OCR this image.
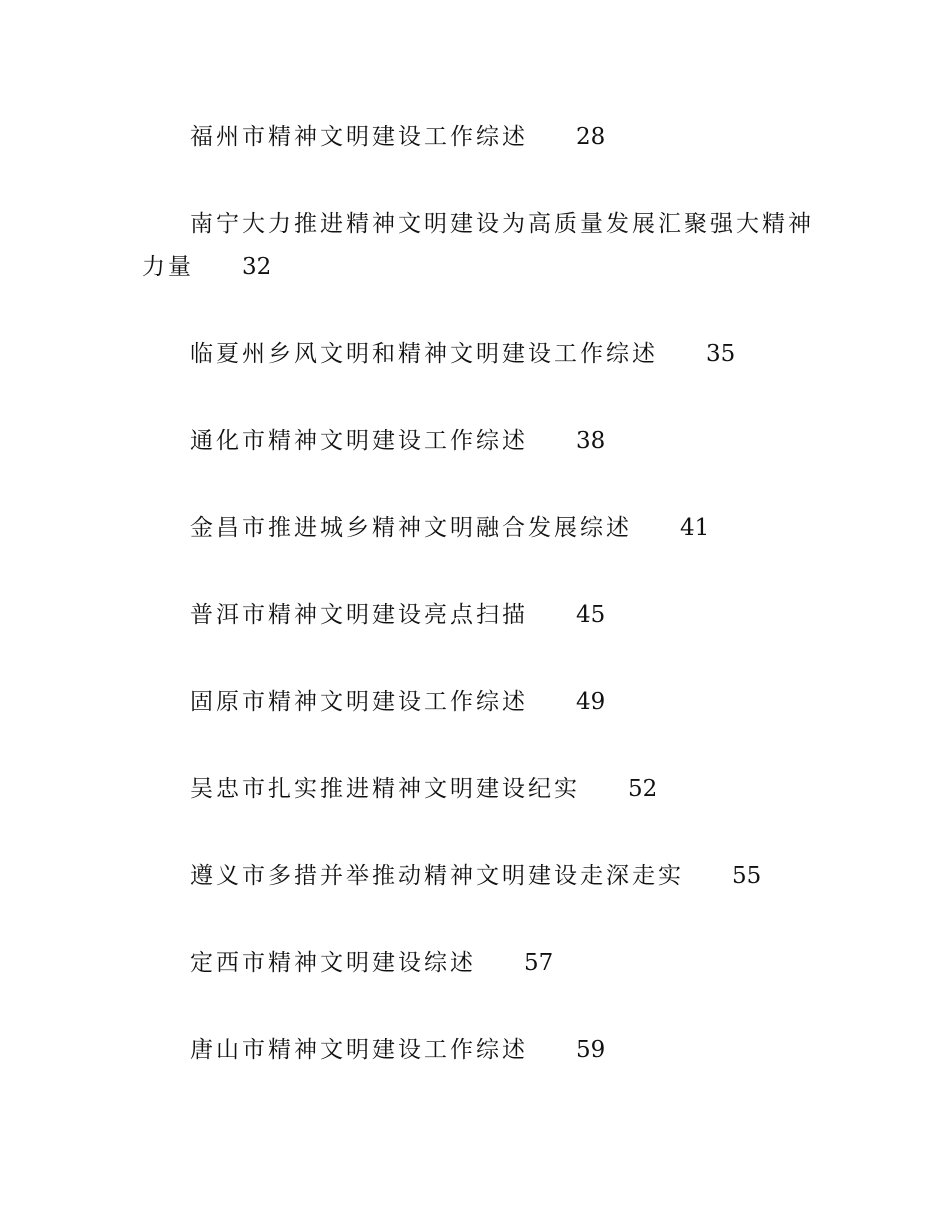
福州市精神文明建设工作综述 28

南宁大力推进精神文明建设为高质量发展汇聚强大精神力量 32

临夏州乡风文明和精神文明建设工作综述 35

通化市精神文明建设工作综述 38

金昌市推进城乡精神文明融合发展综述 41

普洱市精神文明建设亮点扫描 45

固原市精神文明建设工作综述 49

吴忠市扎实推进精神文明建设纪实 52

遵义市多措并举推动精神文明建设走深走实 55

定西市精神文明建设综述 57

唐山市精神文明建设工作综述 59
